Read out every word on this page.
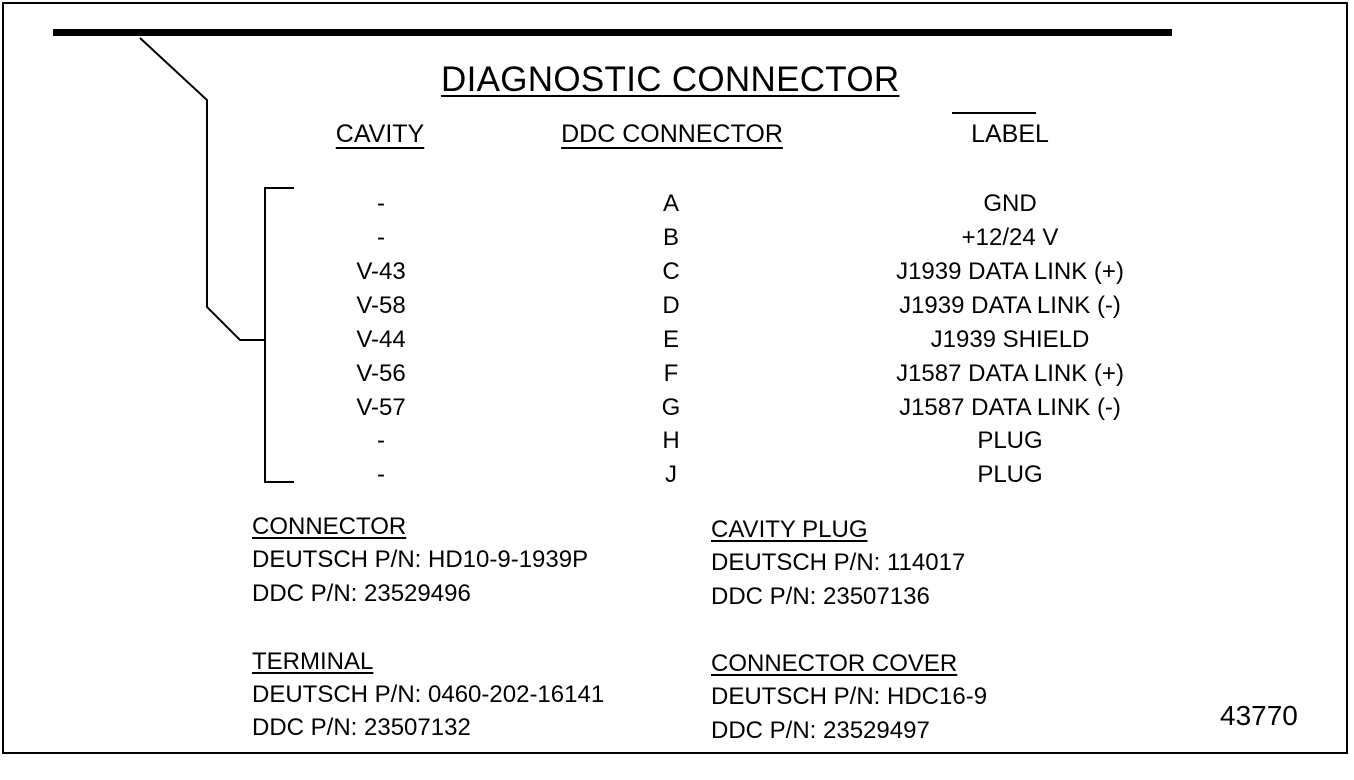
DIAGNOSTIC CONNECTOR
CAVITY	DDC CONNECTOR	LABEL
-	A	GND
-	B	+12/24 V
V-43	C	J1939 DATA LINK (+)
V-58	D	J1939 DATA LINK (-)
V-44	E	J1939 SHIELD
V-56	F	J1587 DATA LINK (+)
V-57	G	J1587 DATA LINK (-)
-	H	PLUG
-	J	PLUG
CONNECTOR
DEUTSCH P/N: HD10-9-1939P
DDC P/N: 23529496
CAVITY PLUG
DEUTSCH P/N: 114017
DDC P/N: 23507136
TERMINAL
DEUTSCH P/N: 0460-202-16141
DDC P/N: 23507132
CONNECTOR COVER
DEUTSCH P/N: HDC16-9
DDC P/N: 23529497	43770
